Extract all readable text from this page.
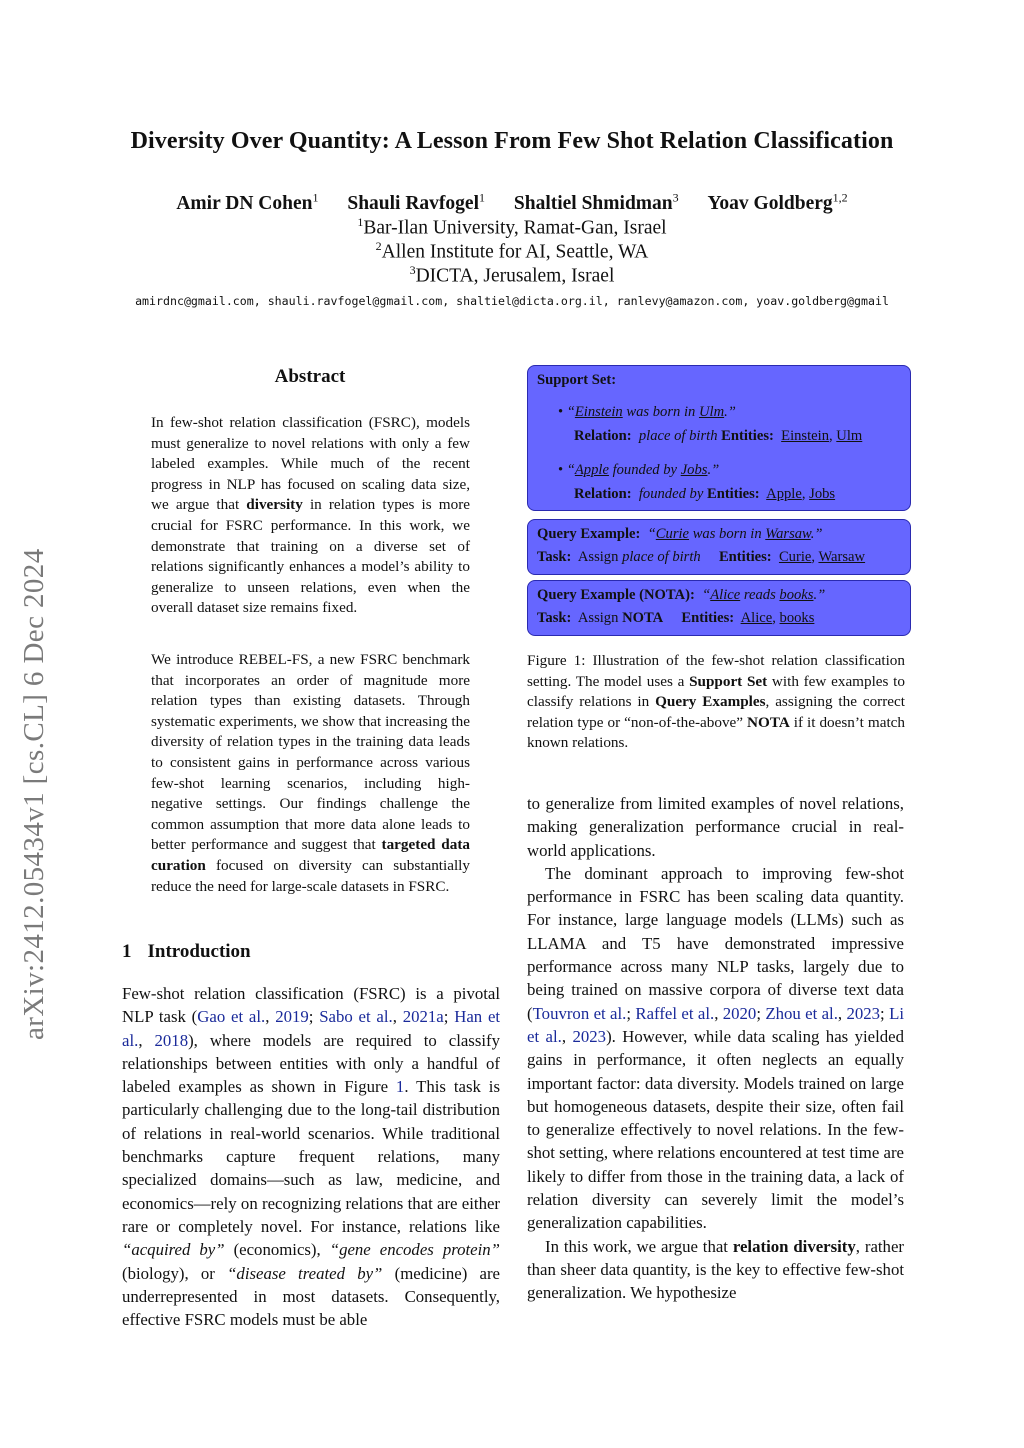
Diversity Over Quantity: A Lesson From Few Shot Relation Classification
Amir DN Cohen$^1$ Shauli Ravfogel$^1$ Shaltiel Shmidman$^3$ Yoav Goldberg$^{1,2}$
$^1$Bar-Ilan University, Ramat-Gan, Israel
$^2$Allen Institute for AI, Seattle, WA
$^3$DICTA, Jerusalem, Israel
amirdnc@gmail.com, shauli.ravfogel@gmail.com, shaltiel@dicta.org.il, ranlevy@amazon.com, yoav.goldberg@gmail
arXiv:2412.05434v1 [cs.CL] 6 Dec 2024
Abstract

In few-shot relation classification (FSRC), models must generalize to novel relations with only a few labeled examples. While much of the recent progress in NLP has focused on scaling data size, we argue that diversity in relation types is more crucial for FSRC performance. In this work, we demonstrate that training on a diverse set of relations significantly enhances a model’s ability to generalize to unseen relations, even when the overall dataset size remains fixed.

We introduce REBEL-FS, a new FSRC benchmark that incorporates an order of magnitude more relation types than existing datasets. Through systematic experiments, we show that increasing the diversity of relation types in the training data leads to consistent gains in performance across various few-shot learning scenarios, including high-negative settings. Our findings challenge the common assumption that more data alone leads to better performance and suggest that targeted data curation focused on diversity can substantially reduce the need for large-scale datasets in FSRC.

1 Introduction

Few-shot relation classification (FSRC) is a pivotal NLP task (Gao et al., 2019; Sabo et al., 2021a; Han et al., 2018), where models are required to classify relationships between entities with only a handful of labeled examples as shown in Figure 1. This task is particularly challenging due to the long-tail distribution of relations in real-world scenarios. While traditional benchmarks capture frequent relations, many specialized domains—such as law, medicine, and economics—rely on recognizing relations that are either rare or completely novel. For instance, relations like “acquired by” (economics), “gene encodes protein” (biology), or “disease treated by” (medicine) are underrepresented in most datasets. Consequently, effective FSRC models must be able

Support Set:
• “Einstein was born in Ulm.”
Relation: place of birth Entities: Einstein, Ulm
• “Apple founded by Jobs.”
Relation: founded by Entities: Apple, Jobs
Query Example: “Curie was born in Warsaw.”
Task: Assign place of birth Entities: Curie, Warsaw
Query Example (NOTA): “Alice reads books.”
Task: Assign NOTA Entities: Alice, books

Figure 1: Illustration of the few-shot relation classification setting. The model uses a Support Set with few examples to classify relations in Query Examples, assigning the correct relation type or “non-of-the-above” NOTA if it doesn’t match known relations.

to generalize from limited examples of novel relations, making generalization performance crucial in real-world applications.

The dominant approach to improving few-shot performance in FSRC has been scaling data quantity. For instance, large language models (LLMs) such as LLAMA and T5 have demonstrated impressive performance across many NLP tasks, largely due to being trained on massive corpora of diverse text data (Touvron et al.; Raffel et al., 2020; Zhou et al., 2023; Li et al., 2023). However, while data scaling has yielded gains in performance, it often neglects an equally important factor: data diversity. Models trained on large but homogeneous datasets, despite their size, often fail to generalize effectively to novel relations. In the few-shot setting, where relations encountered at test time are likely to differ from those in the training data, a lack of relation diversity can severely limit the model’s generalization capabilities.

In this work, we argue that relation diversity, rather than sheer data quantity, is the key to effective few-shot generalization. We hypothesize
